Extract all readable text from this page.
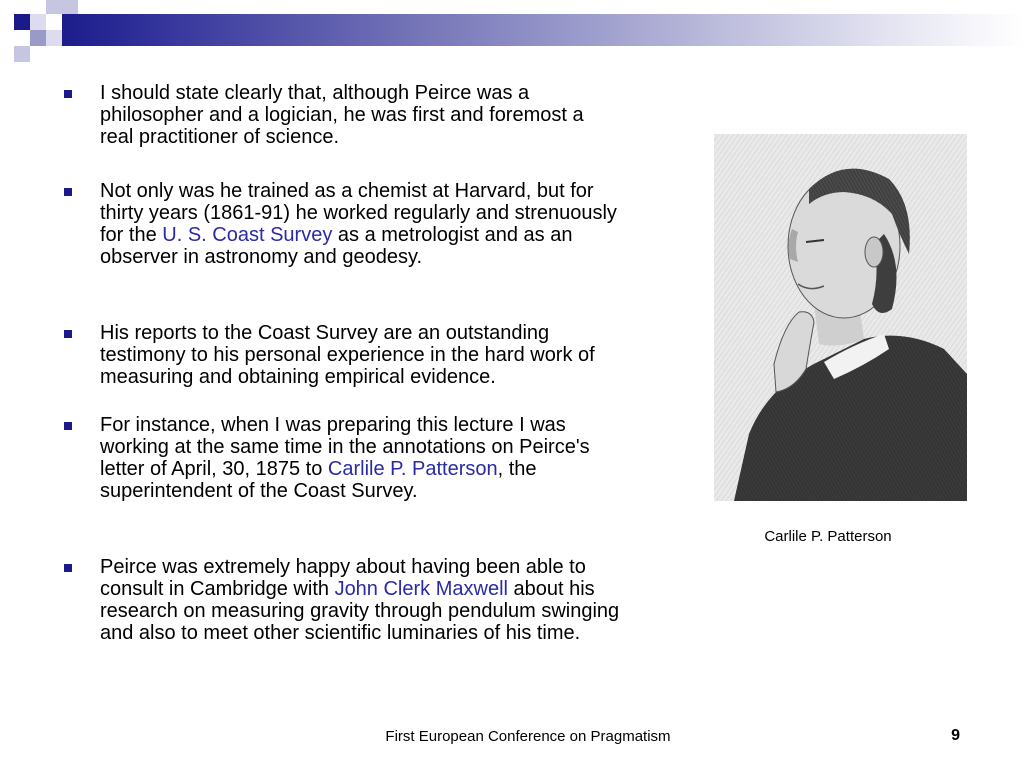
I should state clearly that, although Peirce was a philosopher and a logician, he was first and foremost a real practitioner of science.
Not only was he trained as a chemist at Harvard, but for thirty years (1861-91) he worked regularly and strenuously for the U. S. Coast Survey as a metrologist and as an observer in astronomy and geodesy.
His reports to the Coast Survey are an outstanding testimony to his personal experience in the hard work of measuring and obtaining empirical evidence.
For instance, when I was preparing this lecture I was working at the same time in the annotations on Peirce's letter of April, 30, 1875 to Carlile P. Patterson, the superintendent of the Coast Survey.
Peirce was extremely happy about having been able to consult in Cambridge with John Clerk Maxwell about his research on measuring gravity through pendulum swinging and also to meet other scientific luminaries of his time.
Carlile P. Patterson
First European Conference on Pragmatism	9
